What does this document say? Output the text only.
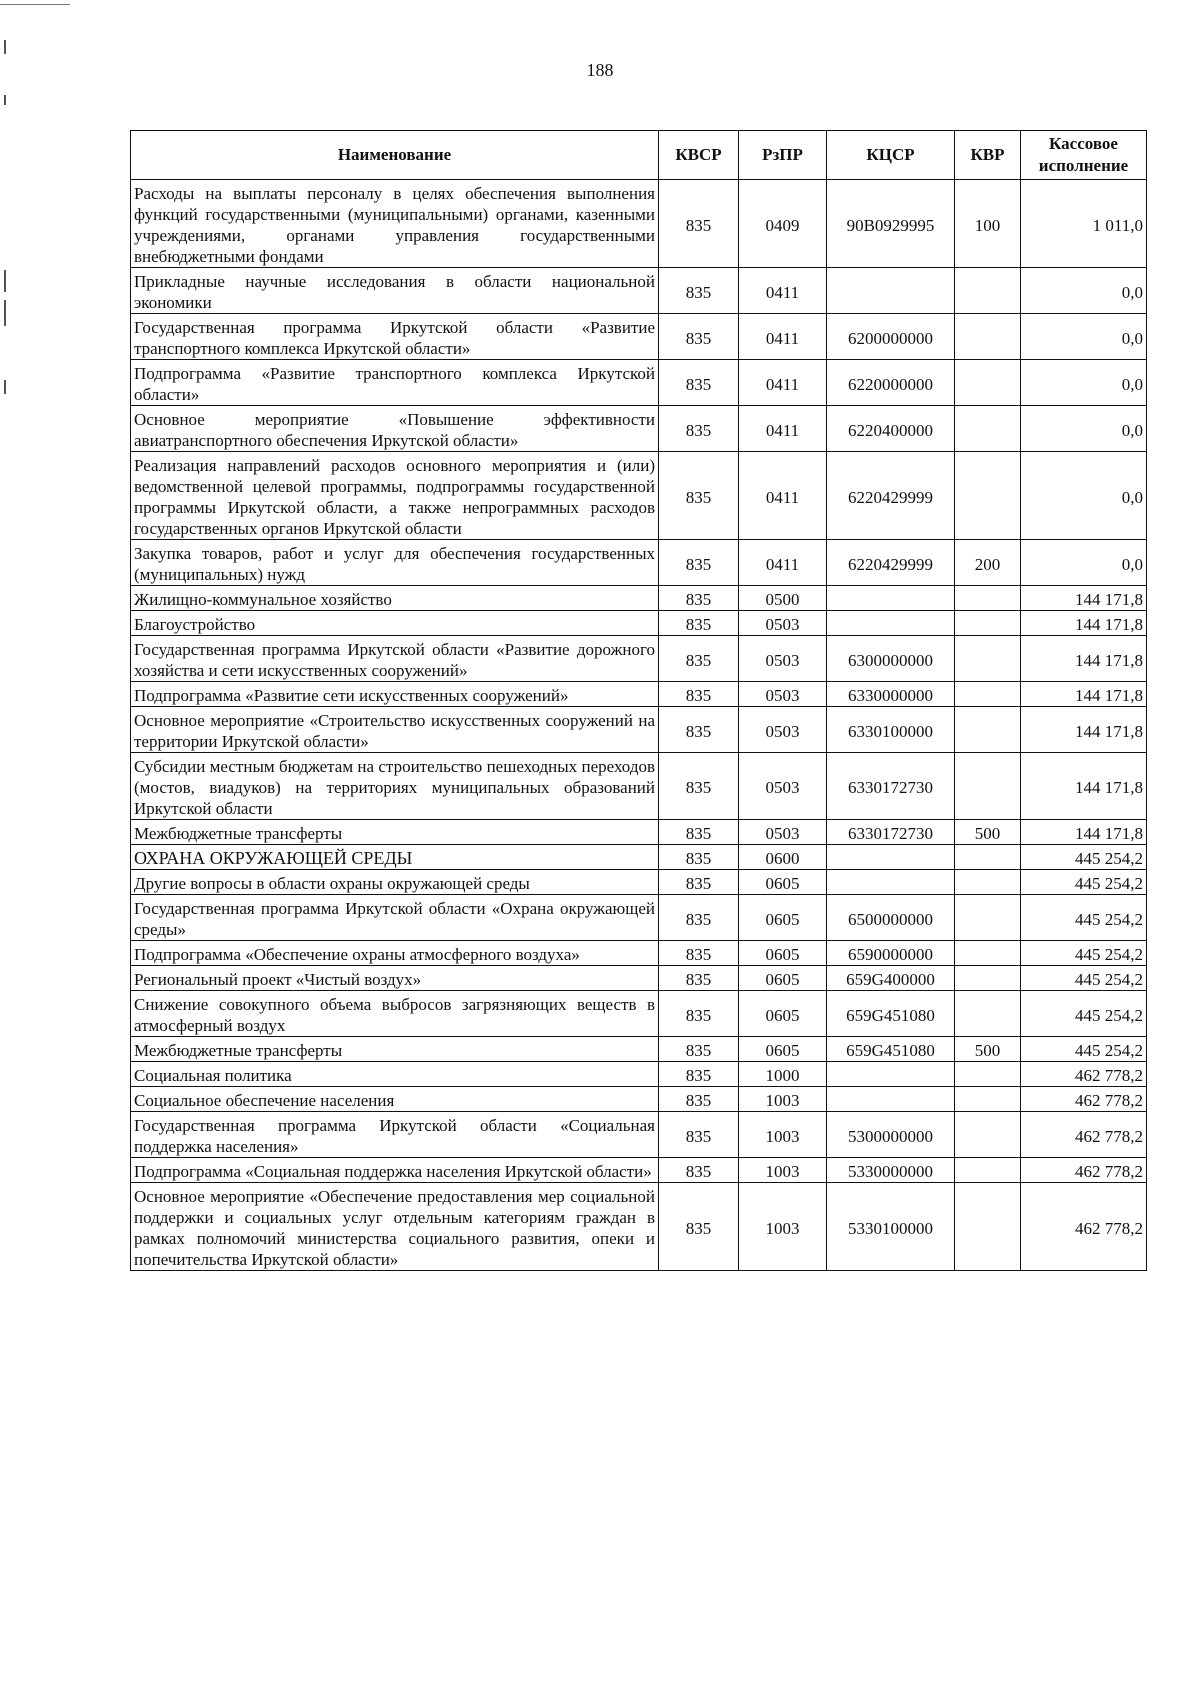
188
Наименование	КВСР	РзПР	КЦСР	КВР	Кассовое исполнение
Расходы на выплаты персоналу в целях обеспечения выполнения функций государственными (муниципальными) органами, казенными учреждениями, органами управления государственными внебюджетными фондами	835	0409	90В0929995	100	1 011,0
Прикладные научные исследования в области национальной экономики	835	0411			0,0
Государственная программа Иркутской области «Развитие транспортного комплекса Иркутской области»	835	0411	6200000000		0,0
Подпрограмма «Развитие транспортного комплекса Иркутской области»	835	0411	6220000000		0,0
Основное мероприятие «Повышение эффективности авиатранспортного обеспечения Иркутской области»	835	0411	6220400000		0,0
Реализация направлений расходов основного мероприятия и (или) ведомственной целевой программы, подпрограммы государственной программы Иркутской области, а также непрограммных расходов государственных органов Иркутской области	835	0411	6220429999		0,0
Закупка товаров, работ и услуг для обеспечения государственных (муниципальных) нужд	835	0411	6220429999	200	0,0
Жилищно-коммунальное хозяйство	835	0500			144 171,8
Благоустройство	835	0503			144 171,8
Государственная программа Иркутской области «Развитие дорожного хозяйства и сети искусственных сооружений»	835	0503	6300000000		144 171,8
Подпрограмма «Развитие сети искусственных сооружений»	835	0503	6330000000		144 171,8
Основное мероприятие «Строительство искусственных сооружений на территории Иркутской области»	835	0503	6330100000		144 171,8
Субсидии местным бюджетам на строительство пешеходных переходов (мостов, виадуков) на территориях муниципальных образований Иркутской области	835	0503	6330172730		144 171,8
Межбюджетные трансферты	835	0503	6330172730	500	144 171,8
ОХРАНА ОКРУЖАЮЩЕЙ СРЕДЫ	835	0600			445 254,2
Другие вопросы в области охраны окружающей среды	835	0605			445 254,2
Государственная программа Иркутской области «Охрана окружающей среды»	835	0605	6500000000		445 254,2
Подпрограмма «Обеспечение охраны атмосферного воздуха»	835	0605	6590000000		445 254,2
Региональный проект «Чистый воздух»	835	0605	659G400000		445 254,2
Снижение совокупного объема выбросов загрязняющих веществ в атмосферный воздух	835	0605	659G451080		445 254,2
Межбюджетные трансферты	835	0605	659G451080	500	445 254,2
Социальная политика	835	1000			462 778,2
Социальное обеспечение населения	835	1003			462 778,2
Государственная программа Иркутской области «Социальная поддержка населения»	835	1003	5300000000		462 778,2
Подпрограмма «Социальная поддержка населения Иркутской области»	835	1003	5330000000		462 778,2
Основное мероприятие «Обеспечение предоставления мер социальной поддержки и социальных услуг отдельным категориям граждан в рамках полномочий министерства социального развития, опеки и попечительства Иркутской области»	835	1003	5330100000		462 778,2
